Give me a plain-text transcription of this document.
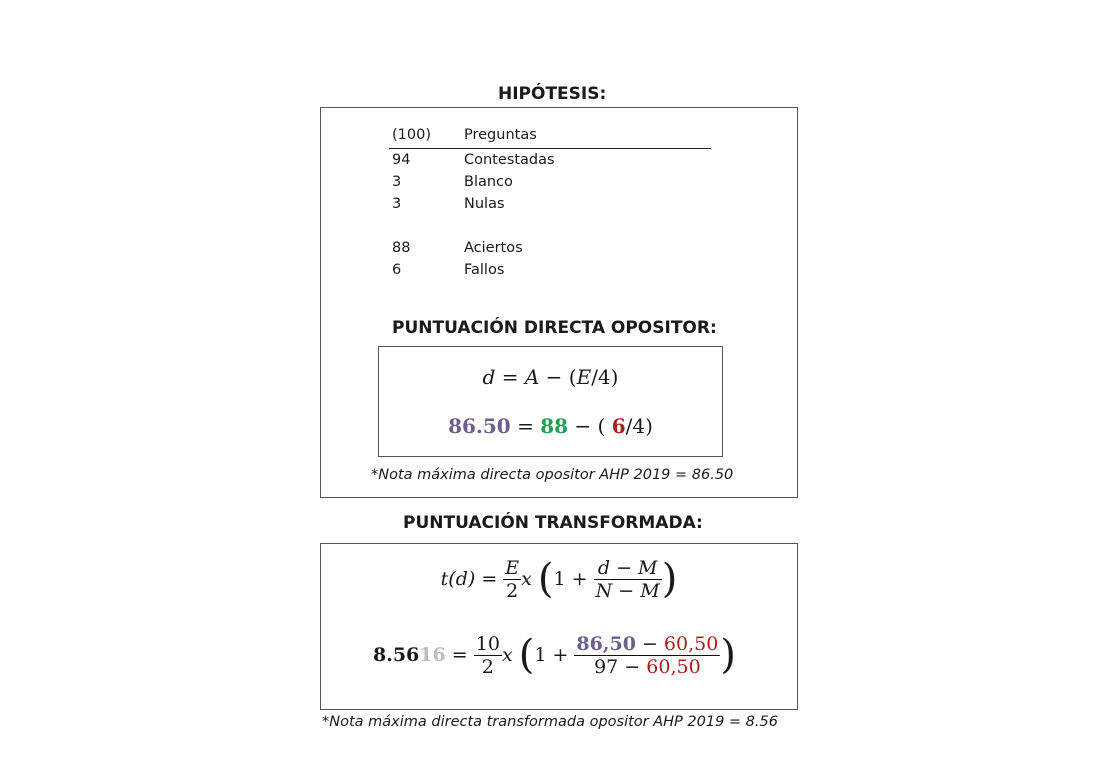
HIPÓTESIS:
(100) Preguntas
94	Contestadas
3	Blanco
3	Nulas
88	Aciertos
6	Fallos
PUNTUACIÓN DIRECTA OPOSITOR:
d = A − (E/4)
86.50 = 88 − ( 6/4)
*Nota máxima directa opositor AHP 2019 = 86.50
PUNTUACIÓN TRANSFORMADA:
$t(d) = \frac{E}{2}$ x ($1 + \frac{d - M}{N - M}$ )
$8.5616 = \frac{10}{2}$ x ($1 + \frac{86,50 - 60,50}{97 - 60,50}$ )
*Nota máxima directa transformada opositor AHP 2019 = 8.56
